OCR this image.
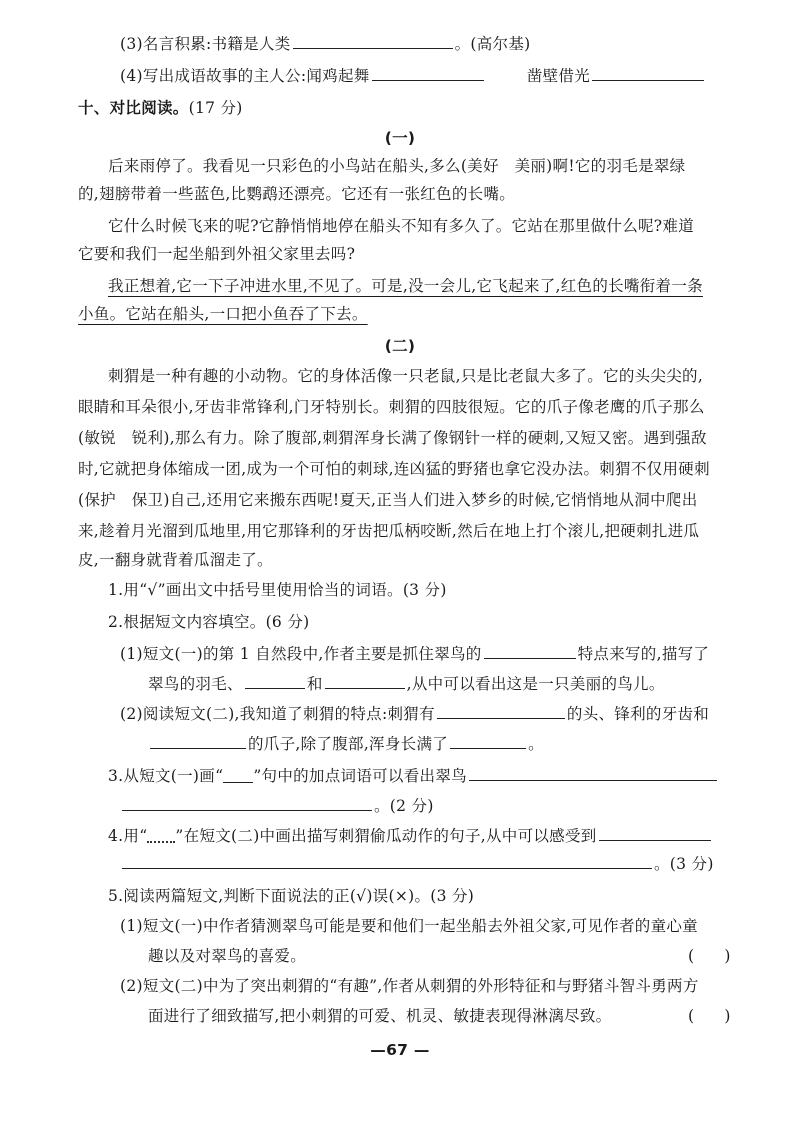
(3)名言积累:书籍是人类	。(高尔基)
(4)写出成语故事的主人公:闻鸡起舞	凿壁借光
十、对比阅读。(17 分)
(一)
后来雨停了。我看见一只彩色的小鸟站在船头,多么(美好　美丽)啊!它的羽毛是翠绿
的,翅膀带着一些蓝色,比鹦鹉还漂亮。它还有一张红色的长嘴。
它什么时候飞来的呢?它静悄悄地停在船头不知有多久了。它站在那里做什么呢?难道
它要和我们一起坐船到外祖父家里去吗?
我正想着,它一下子冲进水里,不见了。可是,没一会儿,它飞起来了,红色的长嘴衔着一条
小鱼。它站在船头,一口把小鱼吞了下去。
(二)
刺猬是一种有趣的小动物。它的身体活像一只老鼠,只是比老鼠大多了。它的头尖尖的,
眼睛和耳朵很小,牙齿非常锋利,门牙特别长。刺猬的四肢很短。它的爪子像老鹰的爪子那么
(敏锐　锐利),那么有力。除了腹部,刺猬浑身长满了像钢针一样的硬刺,又短又密。遇到强敌
时,它就把身体缩成一团,成为一个可怕的刺球,连凶猛的野猪也拿它没办法。刺猬不仅用硬刺
(保护　保卫)自己,还用它来搬东西呢!夏天,正当人们进入梦乡的时候,它悄悄地从洞中爬出
来,趁着月光溜到瓜地里,用它那锋利的牙齿把瓜柄咬断,然后在地上打个滚儿,把硬刺扎进瓜
皮,一翻身就背着瓜溜走了。
1.用“√”画出文中括号里使用恰当的词语。(3 分)
2.根据短文内容填空。(6 分)
(1)短文(一)的第 1 自然段中,作者主要是抓住翠鸟的	特点来写的,描写了
翠鸟的羽毛、	和	,从中可以看出这是一只美丽的鸟儿。
(2)阅读短文(二),我知道了刺猬的特点:刺猬有	的头、锋利的牙齿和
的爪子,除了腹部,浑身长满了	。
3.从短文(一)画“ ”句中的加点词语可以看出翠鸟
。(2 分)
4.用“ ”在短文(二)中画出描写刺猬偷瓜动作的句子,从中可以感受到
。(3 分)
5.阅读两篇短文,判断下面说法的正(√)误(×)。(3 分)
(1)短文(一)中作者猜测翠鸟可能是要和他们一起坐船去外祖父家,可见作者的童心童
趣以及对翠鸟的喜爱。	( )
(2)短文(二)中为了突出刺猬的“有趣”,作者从刺猬的外形特征和与野猪斗智斗勇两方
面进行了细致描写,把小刺猬的可爱、机灵、敏捷表现得淋漓尽致。	( )
—67 —
